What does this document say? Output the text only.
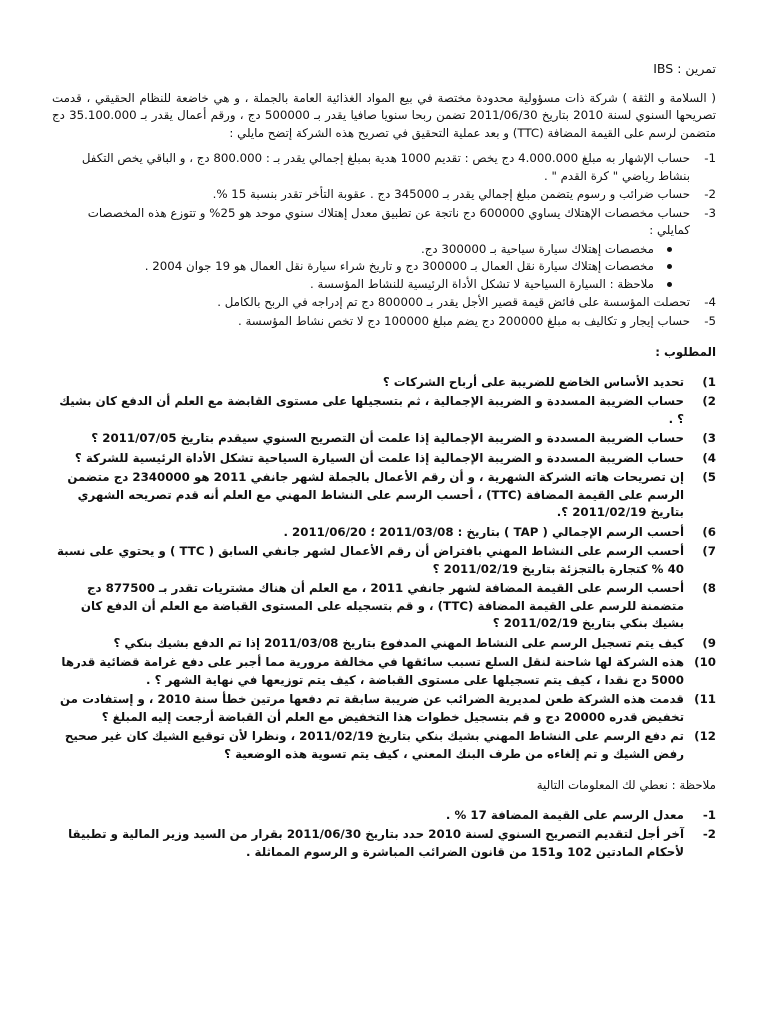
تمرين : IBS
( السلامة و الثقة ) شركة ذات مسؤولية محدودة مختصة في بيع المواد الغذائية العامة بالجملة ، و هي خاضعة للنظام الحقيقي ، قدمت تصريحها السنوي لسنة 2010 بتاريخ 2011/06/30 تضمن ربحا سنويا صافيا يقدر بـ 500000 دج ، ورقم أعمال يقدر بـ 35.100.000 دج متضمن لرسم على القيمة المضافة (TTC) و بعد عملية التحقيق في تصريح هذه الشركة إتضح مايلي :
1-
حساب الإشهار به مبلغ 4.000.000 دج يخص : تقديم 1000 هدية بمبلغ إجمالي يقدر بـ : 800.000 دج ، و الباقي يخص التكفل بنشاط رياضي " كرة القدم " .
2-
حساب ضرائب و رسوم يتضمن مبلغ إجمالي يقدر بـ 345000 دج . عقوبة التأخر تقدر بنسبة 15 %.
3-
حساب مخصصات الإهتلاك يساوي 600000 دج ناتجة عن تطبيق معدل إهتلاك سنوي موحد هو 25% و تتوزع هذه المخصصات كمايلي :
مخصصات إهتلاك سيارة سياحية بـ 300000 دج.
مخصصات إهتلاك سيارة نقل العمال بـ 300000 دج و تاريخ شراء سيارة نقل العمال هو 19 جوان 2004 .
ملاحظة : السيارة السياحية لا تشكل الأداة الرئيسية للنشاط المؤسسة .
4-
تحصلت المؤسسة على فائض قيمة قصير الأجل يقدر بـ 800000 دج تم إدراجه في الربح بالكامل .
5-
حساب إيجار و تكاليف به مبلغ 200000 دج يضم مبلغ 100000 دج لا تخص نشاط المؤسسة .
المطلوب :
1)
تحديد الأساس الخاضع للضريبة على أرباح الشركات ؟
2)
حساب الضريبة المسددة و الضريبة الإجمالية ، ثم بتسجيلها على مستوى القابضة مع العلم أن الدفع كان بشيك ؟ .
3)
حساب الضريبة المسددة و الضريبة الإجمالية إذا علمت أن التصريح السنوي سيقدم بتاريخ 2011/07/05 ؟
4)
حساب الضريبة المسددة و الضريبة الإجمالية إذا علمت أن السيارة السياحية تشكل الأداة الرئيسية للشركة ؟
5)
إن تصريحات هاته الشركة الشهرية ، و أن رقم الأعمال بالجملة لشهر جانفي 2011 هو 2340000 دج متضمن الرسم على القيمة المضافة (TTC) ، أحسب الرسم على النشاط المهني مع العلم أنه قدم تصريحه الشهري بتاريخ 2011/02/19 ؟.
6)
أحسب الرسم الإجمالي ( TAP ) بتاريخ : 2011/03/08 ؛ 2011/06/20 .
7)
أحسب الرسم على النشاط المهني بافتراض أن رقم الأعمال لشهر جانفي السابق ( TTC ) و يحتوي على نسبة 40 % كتجارة بالتجزئة بتاريخ 2011/02/19 ؟
8)
أحسب الرسم على القيمة المضافة لشهر جانفي 2011 ، مع العلم أن هناك مشتريات تقدر بـ 877500 دج متضمنة للرسم على القيمة المضافة (TTC) ، و قم بتسجيله على المستوى القباضة مع العلم أن الدفع كان بشيك بنكي بتاريخ 2011/02/19 ؟
9)
كيف يتم تسجيل الرسم على النشاط المهني المدفوع بتاريخ 2011/03/08 إذا تم الدفع بشيك بنكي ؟
10)
هذه الشركة لها شاحنة لنقل السلع تسبب سائقها في مخالفة مرورية مما أجبر على دفع غرامة قضائية قدرها 5000 دج نقدا ، كيف يتم تسجيلها على مستوى القباضة ، كيف يتم توزيعها في نهاية الشهر ؟ .
11)
قدمت هذه الشركة طعن لمديرية الضرائب عن ضريبة سابقة تم دفعها مرتين خطأ سنة 2010 ، و إستفادت من تخفيض قدره 20000 دج و قم بتسجيل خطوات هذا التخفيض مع العلم أن القباضة أرجعت إليه المبلغ ؟
12)
تم دفع الرسم على النشاط المهني بشيك بنكي بتاريخ 2011/02/19 ، ونظرا لأن توقيع الشيك كان غير صحيح رفض الشيك و تم إلغاءه من طرف البنك المعني ، كيف يتم تسوية هذه الوضعية ؟
ملاحظة : نعطي لك المعلومات التالية
1-
معدل الرسم على القيمة المضافة 17 % .
2-
آخر أجل لتقديم التصريح السنوي لسنة 2010 حدد بتاريخ 2011/06/30 بقرار من السيد وزير المالية و تطبيقا لأحكام المادتين 102 و151 من قانون الضرائب المباشرة و الرسوم المماثلة .
